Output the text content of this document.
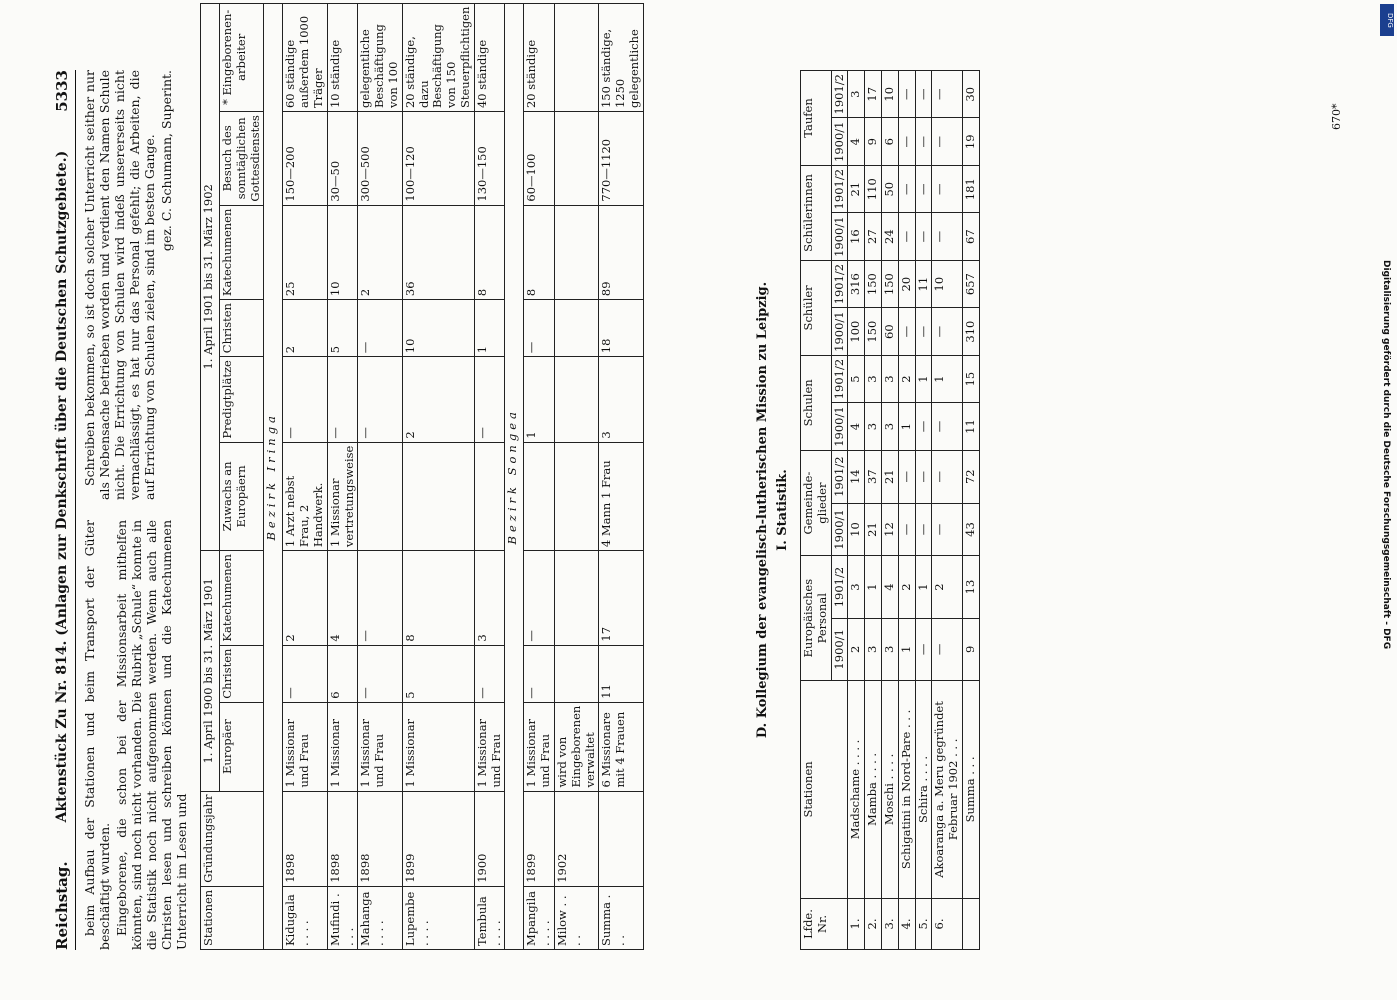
Reichstag.
Aktenstück Zu Nr. 814. (Anlagen zur Denkschrift über die Deutschen Schutzgebiete.)
5333

beim Aufbau der Stationen und beim Transport der Güter beschäftigt wurden. Eingeborene, die schon bei der Missionsarbeit mithelfen könnten, sind noch nicht vorhanden. Die Rubrik „Schule“ konnte in die Statistik noch nicht aufgenommen werden. Wenn auch alle Christen lesen und schreiben können und die Katechumenen Unterricht im Lesen und

Schreiben bekommen, so ist doch solcher Unterricht seither nur als Nebensache betrieben worden und verdient den Namen Schule nicht. Die Errichtung von Schulen wird indeß unsererseits nicht vernachlässigt, es hat nur das Personal gefehlt; die Arbeiten, die auf Errichtung von Schulen zielen, sind im besten Gange. gez. C. Schumann, Superint.
Stationen	Gründungsjahr	1. April 1900 bis 31. März 1901			1. April 1901 bis 31. März 1902					
		Europäer	Christen	Katechumenen	Zuwachs an Europäern	Predigtplätze	Christen	Katechumenen	Besuch des sonntäglichen Gottesdienstes	* Eingeborenen-arbeiter
Bezirk Iringa										
Kidugala . . . .	1898	1 Missionar und Frau	—	2	1 Arzt nebst Frau, 2 Handwerk.	—	2	25	150—200	60 ständige außerdem 1000 Träger
Mufindi . . . .	1898	1 Missionar	6	4	1 Missionar vertretungsweise	—	5	10	30—50	10 ständige
Mahanga . . . .	1898	1 Missionar und Frau	—	—		—	—	2	300—500	gelegentliche Beschäftigung von 100
Lupembe . . . .	1899	1 Missionar	5	8		2	10	36	100—120	20 ständige, dazu Beschäftigung von 150 Steuerpflichtigen
Tembula . . . .	1900	1 Missionar und Frau	—	3		—	1	8	130—150	40 ständige
Bezirk Songea										
Mpangila . . . .	1899	1 Missionar und Frau	—	—		1	—	8	60—100	20 ständige
Milow . . . .	1902	wird von Eingeborenen verwaltet								
Summa . . .		6 Missionare mit 4 Frauen	11	17	4 Mann 1 Frau	3	18	89	770—1120	150 ständige, 1250 gelegentliche
D. Kollegium der evangelisch-lutherischen Mission zu Leipzig. I. Statistik.
Lfde. Nr.	Stationen	Europäisches Personal		Gemeinde-glieder		Schulen		Schüler		Schülerinnen		Taufen	
		1900/1	1901/2	1900/1	1901/2	1900/1	1901/2	1900/1	1901/2	1900/1	1901/2	1900/1	1901/2
1.	Madschame . . . .	2	3	10	14	4	5	100	316	16	21	4	3
2.	Mamba . . . .	3	1	21	37	3	3	150	150	27	110	9	17
3.	Moschi . . . .	3	4	12	21	3	3	60	150	24	50	6	10
4.	Schigatini in Nord-Pare . . .	1	2	—	—	1	2	—	20	—	—	—	—
5.	Schira . . . .	—	1	—	—	—	1	—	11	—	—	—	—
6.	Akoaranga a. Meru gegründet Februar 1902 . . .	—	2	—	—	—	1	—	10	—	—	—	—
	Summa . . .	9	13	43	72	11	15	310	657	67	181	19	30
670*
Digitalisierung gefördert durch die Deutsche Forschungsgemeinschaft - DFG
DFG
